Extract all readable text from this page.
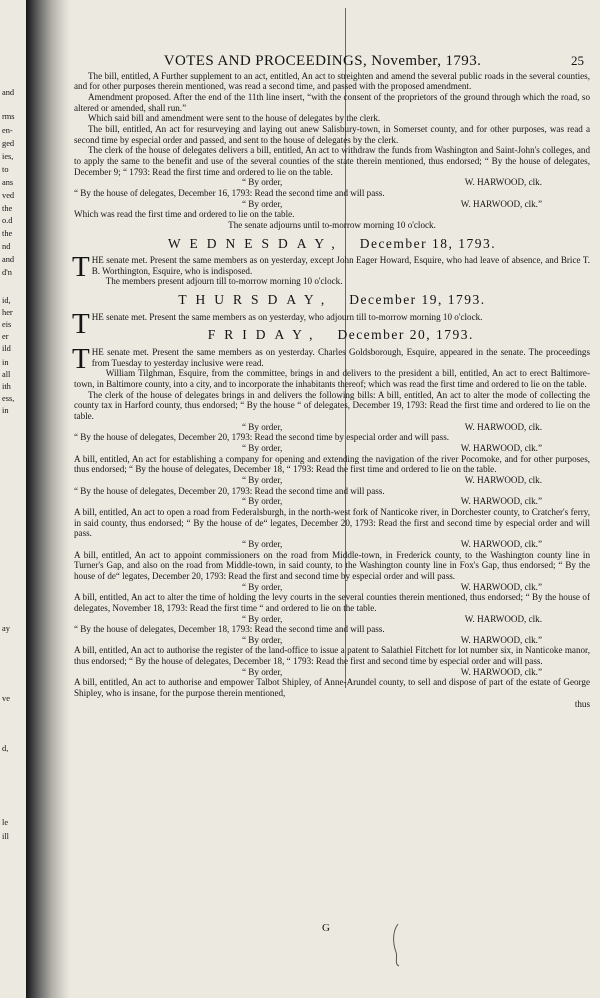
and
rms
en-
ged
ies,
to
ans
ved
the
o.d
the
nd
and
d'n
id,
her
eis
er
ild
in
all
ith
ess,
in
ay
ve
d,
le
ill
VOTES AND PROCEEDINGS, November, 1793.	25

The bill, entitled, A Further supplement to an act, entitled, An act to streighten and amend the several public roads in the several counties, and for other purposes therein mentioned, was read a second time, and passed with the proposed amendment.

Amendment proposed. After the end of the 11th line insert, “with the consent of the proprietors of the ground through which the road, so altered or amended, shall run.”

Which said bill and amendment were sent to the house of delegates by the clerk.

The bill, entitled, An act for resurveying and laying out anew Salisbury-town, in Somerset county, and for other purposes, was read a second time by especial order and passed, and sent to the house of delegates by the clerk.

The clerk of the house of delegates delivers a bill, entitled, An act to withdraw the funds from Washington and Saint-John's colleges, and to apply the same to the benefit and use of the several counties of the state therein mentioned, thus endorsed; “ By the house of delegates, December 9; “ 1793: Read the first time and ordered to lie on the table.

“ By order,	W. HARWOOD, clk.

“ By the house of delegates, December 16, 1793: Read the second time and will pass.

“ By order,	W. HARWOOD, clk.”

Which was read the first time and ordered to lie on the table.

The senate adjourns until to-morrow morning 10 o'clock.

WEDNESDAY, December 18, 1793.

THE senate met. Present the same members as on yesterday, except John Eager Howard, Esquire, who had leave of absence, and Brice T. B. Worthington, Esquire, who is indisposed.

The members present adjourn till to-morrow morning 10 o'clock.

THURSDAY, December 19, 1793.

THE senate met. Present the same members as on yesterday, who adjourn till to-morrow morning 10 o'clock.

FRIDAY, December 20, 1793.

THE senate met. Present the same members as on yesterday. Charles Goldsborough, Esquire, appeared in the senate. The proceedings from Tuesday to yesterday inclusive were read.

William Tilghman, Esquire, from the committee, brings in and delivers to the president a bill, entitled, An act to erect Baltimore-town, in Baltimore county, into a city, and to incorporate the inhabitants thereof; which was read the first time and ordered to lie on the table.

The clerk of the house of delegates brings in and delivers the following bills: A bill, entitled, An act to alter the mode of collecting the county tax in Harford county, thus endorsed; “ By the house “ of delegates, December 19, 1793: Read the first time and ordered to lie on the table.

“ By order,	W. HARWOOD, clk.

“ By the house of delegates, December 20, 1793: Read the second time by especial order and will pass.

“ By order,	W. HARWOOD, clk.”

A bill, entitled, An act for establishing a company for opening and extending the navigation of the river Pocomoke, and for other purposes, thus endorsed; “ By the house of delegates, December 18, “ 1793: Read the first time and ordered to lie on the table.

“ By order,	W. HARWOOD, clk.

“ By the house of delegates, December 20, 1793: Read the second time and will pass.

“ By order,	W. HARWOOD, clk.”

A bill, entitled, An act to open a road from Federalsburgh, in the north-west fork of Nanticoke river, in Dorchester county, to Cratcher's ferry, in said county, thus endorsed; “ By the house of de“ legates, December 20, 1793: Read the first and second time by especial order and will pass.

“ By order,	W. HARWOOD, clk.”

A bill, entitled, An act to appoint commissioners on the road from Middle-town, in Frederick county, to the Washington county line in Turner's Gap, and also on the road from Middle-town, in said county, to the Washington county line in Fox's Gap, thus endorsed; “ By the house of de“ legates, December 20, 1793: Read the first and second time by especial order and will pass.

“ By order,	W. HARWOOD, clk.”

A bill, entitled, An act to alter the time of holding the levy courts in the several counties therein mentioned, thus endorsed; “ By the house of delegates, November 18, 1793: Read the first time “ and ordered to lie on the table.

“ By order,	W. HARWOOD, clk.

“ By the house of delegates, December 18, 1793: Read the second time and will pass.

“ By order,	W. HARWOOD, clk.”

A bill, entitled, An act to authorise the register of the land-office to issue a patent to Salathiel Fitchett for lot number six, in Nanticoke manor, thus endorsed; “ By the house of delegates, December 18, “ 1793: Read the first and second time by especial order and will pass.

“ By order,	W. HARWOOD, clk.”

A bill, entitled, An act to authorise and empower Talbot Shipley, of Anne-Arundel county, to sell and dispose of part of the estate of George Shipley, who is insane, for the purpose therein mentioned,

thus
G
